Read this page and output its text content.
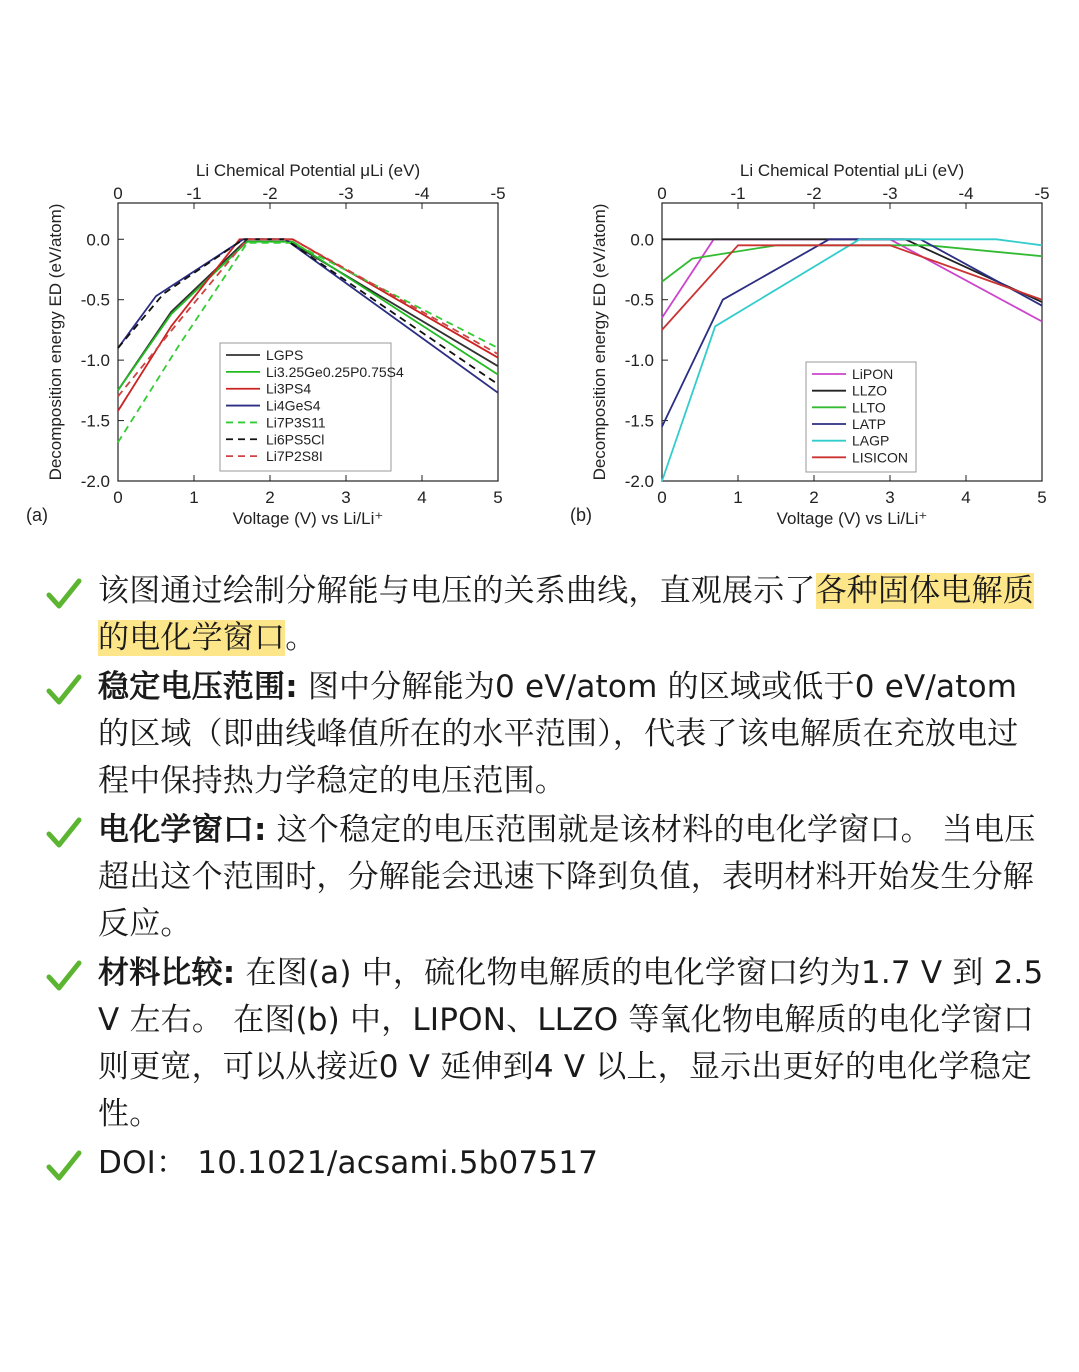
0	1	2	3	4	5
Voltage (V) vs Li/Li⁺
0	-1	-2	-3	-4	-5
Li Chemical Potential μLi (eV)
0.0
-0.5
-1.0
-1.5
-2.0
Decomposition energy ED (eV/atom)
(a)
LGPS
Li3.25Ge0.25P0.75S4
Li3PS4
Li4GeS4
Li7P3S11
Li6PS5Cl
Li7P2S8I
0	1	2	3	4	5
Voltage (V) vs Li/Li⁺
0	-1	-2	-3	-4	-5
Li Chemical Potential μLi (eV)
0.0
-0.5
-1.0
-1.5
-2.0
Decomposition energy ED (eV/atom)
(b)
LiPON
LLZO
LLTO
LATP
LAGP
LISICON
该图通过绘制分解能与电压的关系曲线，直观展示了各种固体电解质的电化学窗口。
稳定电压范围: 图中分解能为0 eV/atom 的区域或低于0 eV/atom 的区域（即曲线峰值所在的水平范围），代表了该电解质在充放电过程中保持热力学稳定的电压范围。
电化学窗口: 这个稳定的电压范围就是该材料的电化学窗口。 当电压超出这个范围时，分解能会迅速下降到负值，表明材料开始发生分解反应。
材料比较: 在图(a) 中，硫化物电解质的电化学窗口约为1.7 V 到 2.5 V 左右。 在图(b) 中，LIPON、LLZO 等氧化物电解质的电化学窗口则更宽，可以从接近0 V 延伸到4 V 以上，显示出更好的电化学稳定性。
DOI： 10.1021/acsami.5b07517
